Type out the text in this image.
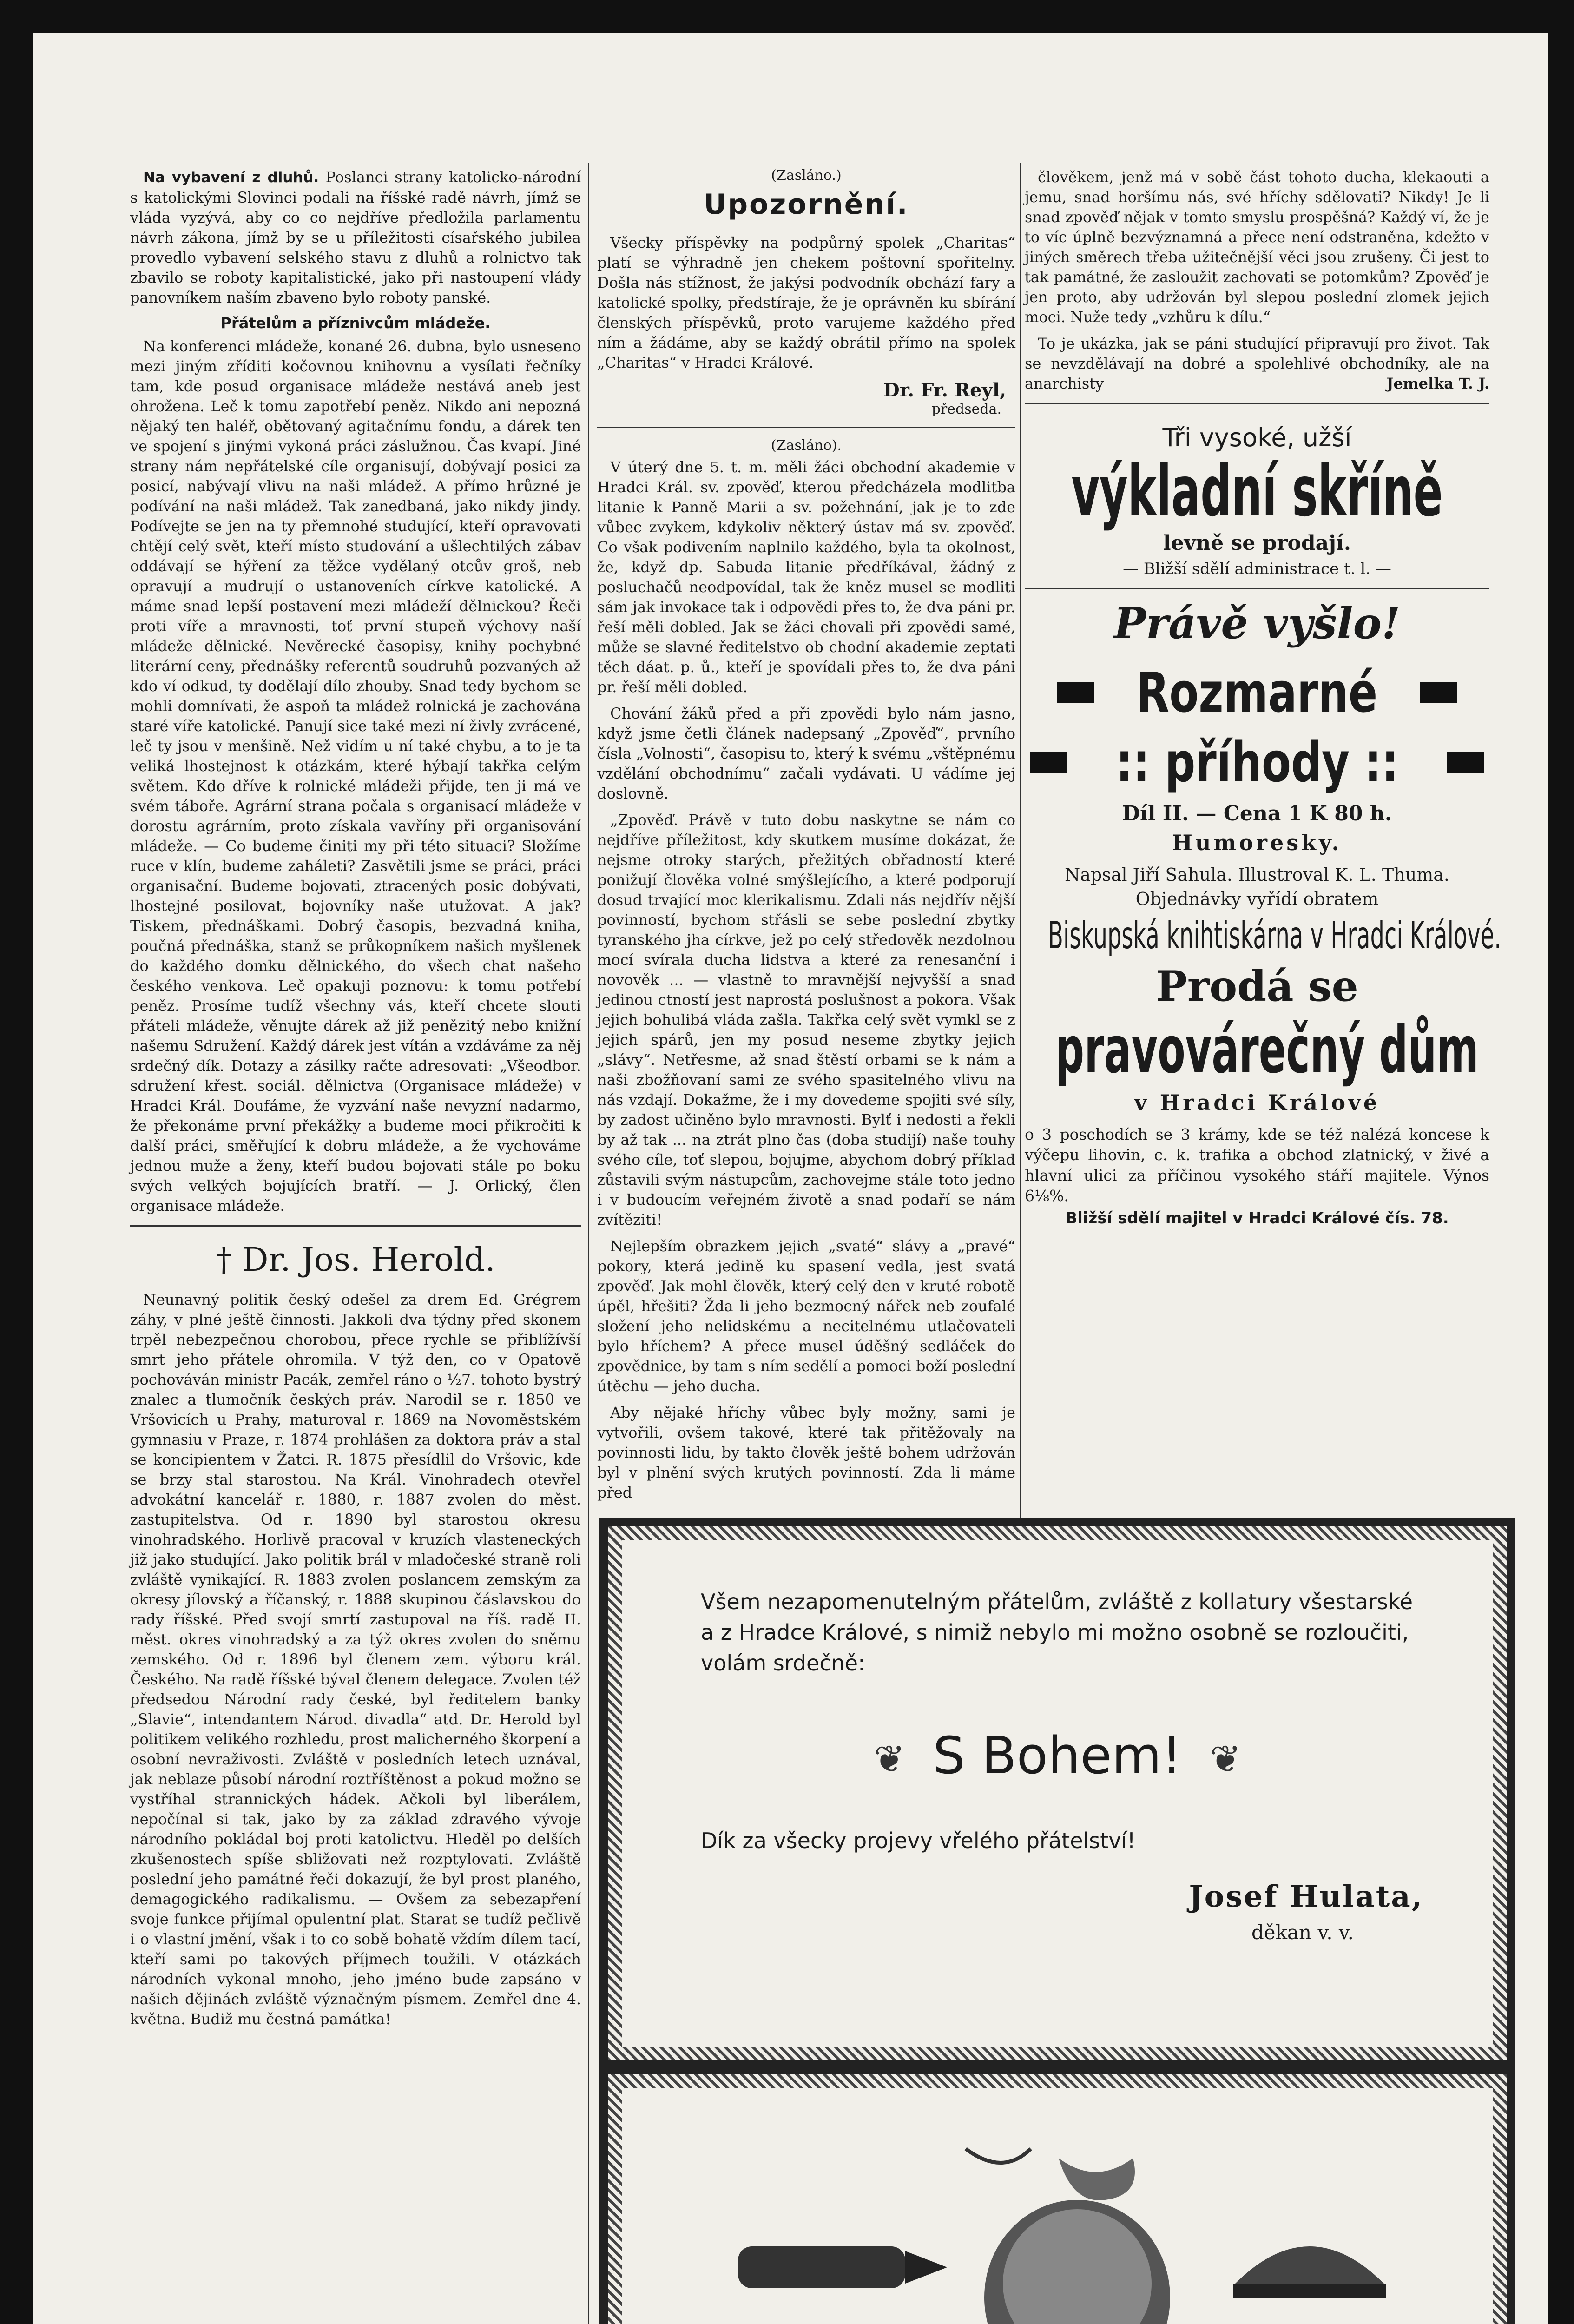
Na vybavení z dluhů. Poslanci strany katolicko-národní s katolickými Slovinci podali na říšské radě návrh, jímž se vláda vyzývá, aby co co nejdříve předložila parlamentu návrh zákona, jímž by se u příležitosti císařského jubilea provedlo vybavení selského stavu z dluhů a rolnictvo tak zbavilo se roboty kapitalistické, jako při nastoupení vlády panovníkem naším zbaveno bylo roboty panské.

Přátelům a příznivcům mládeže.

Na konferenci mládeže, konané 26. dubna, bylo usneseno mezi jiným zříditi kočovnou knihovnu a vysílati řečníky tam, kde posud organisace mládeže nestává aneb jest ohrožena. Leč k tomu zapotřebí peněz. Nikdo ani nepozná nějaký ten haléř, obětovaný agitačnímu fondu, a dárek ten ve spojení s jinými vykoná práci záslužnou. Čas kvapí. Jiné strany nám nepřátelské cíle organisují, dobývají posici za posicí, nabývají vlivu na naši mládež. A přímo hrůzné je podívání na naši mládež. Tak zanedbaná, jako nikdy jindy. Podívejte se jen na ty přemnohé studující, kteří opravovati chtějí celý svět, kteří místo studování a ušlechtilých zábav oddávají se hýření za těžce vydělaný otcův groš, neb opravují a mudrují o ustanoveních církve katolické. A máme snad lepší postavení mezi mládeží dělnickou? Řeči proti víře a mravnosti, toť první stupeň výchovy naší mládeže dělnické. Nevěrecké časopisy, knihy pochybné literární ceny, přednášky referentů soudruhů pozvaných až kdo ví odkud, ty dodělají dílo zhouby. Snad tedy bychom se mohli domnívati, že aspoň ta mládež rolnická je zachována staré víře katolické. Panují sice také mezi ní živly zvrácené, leč ty jsou v menšině. Než vidím u ní také chybu, a to je ta veliká lhostejnost k otázkám, které hýbají takřka celým světem. Kdo dříve k rolnické mládeži přijde, ten ji má ve svém táboře. Agrární strana počala s organisací mládeže v dorostu agrárním, proto získala vavříny při organisování mládeže. — Co budeme činiti my při této situaci? Složíme ruce v klín, budeme zaháleti? Zasvětili jsme se práci, práci organisační. Budeme bojovati, ztracených posic dobývati, lhostejné posilovat, bojovníky naše utužovat. A jak? Tiskem, přednáškami. Dobrý časopis, bezvadná kniha, poučná přednáška, stanž se průkopníkem našich myšlenek do každého domku dělnického, do všech chat našeho českého venkova. Leč opakuji poznovu: k tomu potřebí peněz. Prosíme tudíž všechny vás, kteří chcete slouti přáteli mládeže, věnujte dárek až již penězitý nebo knižní našemu Sdružení. Každý dárek jest vítán a vzdáváme za něj srdečný dík. Dotazy a zásilky račte adresovati: „Všeodbor. sdružení křest. sociál. dělnictva (Organisace mládeže) v Hradci Král. Doufáme, že vyzvání naše nevyzní nadarmo, že překonáme první překážky a budeme moci přikročiti k další práci, směřující k dobru mládeže, a že vychováme jednou muže a ženy, kteří budou bojovati stále po boku svých velkých bojujících bratří. — J. Orlický, člen organisace mládeže.

† Dr. Jos. Herold.

Neunavný politik český odešel za drem Ed. Grégrem záhy, v plné ještě činnosti. Jakkoli dva týdny před skonem trpěl nebezpečnou chorobou, přece rychle se přiblížívší smrt jeho přátele ohromila. V týž den, co v Opatově pochováván ministr Pacák, zemřel ráno o ½7. tohoto bystrý znalec a tlumočník českých práv. Narodil se r. 1850 ve Vršovicích u Prahy, maturoval r. 1869 na Novoměstském gymnasiu v Praze, r. 1874 prohlášen za doktora práv a stal se koncipientem v Žatci. R. 1875 přesídlil do Vršovic, kde se brzy stal starostou. Na Král. Vinohradech otevřel advokátní kancelář r. 1880, r. 1887 zvolen do měst. zastupitelstva. Od r. 1890 byl starostou okresu vinohradského. Horlivě pracoval v kruzích vlasteneckých již jako studující. Jako politik brál v mladočeské straně roli zvláště vynikající. R. 1883 zvolen poslancem zemským za okresy jílovský a říčanský, r. 1888 skupinou čáslavskou do rady říšské. Před svojí smrtí zastupoval na říš. radě II. měst. okres vinohradský a za týž okres zvolen do sněmu zemského. Od r. 1896 byl členem zem. výboru král. Českého. Na radě říšské býval členem delegace. Zvolen též předsedou Národní rady české, byl ředitelem banky „Slavie“, intendantem Národ. divadla“ atd. Dr. Herold byl politikem velikého rozhledu, prost malicherného škorpení a osobní nevraživosti. Zvláště v posledních letech uznával, jak neblaze působí národní roztříštěnost a pokud možno se vystříhal strannických hádek. Ačkoli byl liberálem, nepočínal si tak, jako by za základ zdravého vývoje národního pokládal boj proti katolictvu. Hleděl po delších zkušenostech spíše sbližovati než rozptylovati. Zvláště poslední jeho památné řeči dokazují, že byl prost planého, demagogického radikalismu. — Ovšem za sebezapření svoje funkce přijímal opulentní plat. Starat se tudíž pečlivě i o vlastní jmění, však i to co sobě bohatě vždím dílem tací, kteří sami po takových příjmech toužili. V otázkách národních vykonal mnoho, jeho jméno bude zapsáno v našich dějinách zvláště význačným písmem. Zemřel dne 4. května. Budiž mu čestná památka!

(Zasláno.)
Upozornění.

Všecky příspěvky na podpůrný spolek „Charitas“ platí se výhradně jen chekem poštovní spořitelny. Došla nás stížnost, že jakýsi podvodník obchází fary a katolické spolky, předstíraje, že je oprávněn ku sbírání členských příspěvků, proto varujeme každého před ním a žádáme, aby se každý obrátil přímo na spolek „Charitas“ v Hradci Králové.

Dr. Fr. Reyl,
předseda.
(Zasláno).

V úterý dne 5. t. m. měli žáci obchodní akademie v Hradci Král. sv. zpověď, kterou předcházela modlitba litanie k Panně Marii a sv. požehnání, jak je to zde vůbec zvykem, kdykoliv některý ústav má sv. zpověď. Co však podivením naplnilo každého, byla ta okolnost, že, když dp. Sabuda litanie předříkával, žádný z posluchačů neodpovídal, tak že kněz musel se modliti sám jak invokace tak i odpovědi přes to, že dva páni pr. řeší měli dobled. Jak se žáci chovali při zpovědi samé, může se slavné ředitelstvo ob chodní akademie zeptati těch dáat. p. ů., kteří je spovídali přes to, že dva páni pr. řeší měli dobled.

Chování žáků před a při zpovědi bylo nám jasno, když jsme četli článek nadepsaný „Zpověď“, prvního čísla „Volnosti“, časopisu to, který k svému „vštěpnému vzdělání obchodnímu“ začali vydávati. U vádíme jej doslovně.

„Zpověď. Právě v tuto dobu naskytne se nám co nejdříve příležitost, kdy skutkem musíme dokázat, že nejsme otroky starých, přežitých obřadností které ponižují člověka volné smýšlejícího, a které podporují dosud trvající moc klerikalismu. Zdali nás nejdřív nější povinností, bychom střásli se sebe poslední zbytky tyranského jha církve, jež po celý středověk nezdolnou mocí svírala ducha lidstva a které za renesanční i novověk ... — vlastně to mravnější nejvyšší a snad jedinou ctností jest naprostá poslušnost a pokora. Však jejich bohulibá vláda zašla. Takřka celý svět vymkl se z jejich spárů, jen my posud neseme zbytky jejich „slávy“. Netřesme, až snad štěstí orbami se k nám a naši zbožňovaní sami ze svého spasitelného vlivu na nás vzdají. Dokažme, že i my dovedeme spojiti své síly, by zadost učiněno bylo mravnosti. Bylť i nedosti a řekli by až tak ... na ztrát plno čas (doba studijí) naše touhy svého cíle, toť slepou, bojujme, abychom dobrý příklad zůstavili svým nástupcům, zachovejme stále toto jedno i v budoucím veřejném životě a snad podaří se nám zvítěziti!

Nejlepším obrazkem jejich „svaté“ slávy a „pravé“ pokory, která jedině ku spasení vedla, jest svatá zpověď. Jak mohl člověk, který celý den v kruté robotě úpěl, hřešiti? Žda li jeho bezmocný nářek neb zoufalé složení jeho nelidskému a necitelnému utlačovateli bylo hříchem? A přece musel úděšný sedláček do zpovědnice, by tam s ním sedělí a pomoci boží poslední útěchu — jeho ducha.

Aby nějaké hříchy vůbec byly možny, sami je vytvořili, ovšem takové, které tak přitěžovaly na povinnosti lidu, by takto člověk ještě bohem udržován byl v plnění svých krutých povinností. Zda li máme před

člověkem, jenž má v sobě část tohoto ducha, klekaouti a jemu, snad horšímu nás, své hříchy sdělovati? Nikdy! Je li snad zpověď nějak v tomto smyslu prospěšná? Každý ví, že je to víc úplně bezvýznamná a přece není odstraněna, kdežto v jiných směrech třeba užitečnější věci jsou zrušeny. Či jest to tak památné, že zasloužit zachovati se potomkům? Zpověď je jen proto, aby udržován byl slepou poslední zlomek jejich moci. Nuže tedy „vzhůru k dílu.“

To je ukázka, jak se páni studující připravují pro život. Tak se nevzdělávají na dobré a spolehlivé obchodníky, ale na anarchisty	Jemelka T. J.

Tři vysoké, užší
výkladní skříně
levně se prodají.
— Bližší sdělí administrace t. l. —
Právě vyšlo!
Rozmarné
:: příhody ::
Díl II. — Cena 1 K 80 h.
Humoresky.
Napsal Jiří Sahula. Illustroval K. L. Thuma.
Objednávky vyřídí obratem
Biskupská knihtiskárna v Hradci Králové.
Prodá se
pravovárečný dům
v Hradci Králové
o 3 poschodích se 3 krámy, kde se též nalézá koncese k výčepu lihovin, c. k. trafika a obchod zlatnický, v živé a hlavní ulici za příčinou vysokého stáří majitele. Výnos 6⅛%.
Bližší sdělí majitel v Hradci Králové čís. 78.
Všem nezapomenutelným přátelům, zvláště z kollatury všestarské a z Hradce Králové, s nimiž nebylo mi možno osobně se rozloučiti, volám srdečně:
❦ S Bohem! ❦
Dík za všecky projevy vřelého přátelství!
Josef Hulata,
děkan v. v.
